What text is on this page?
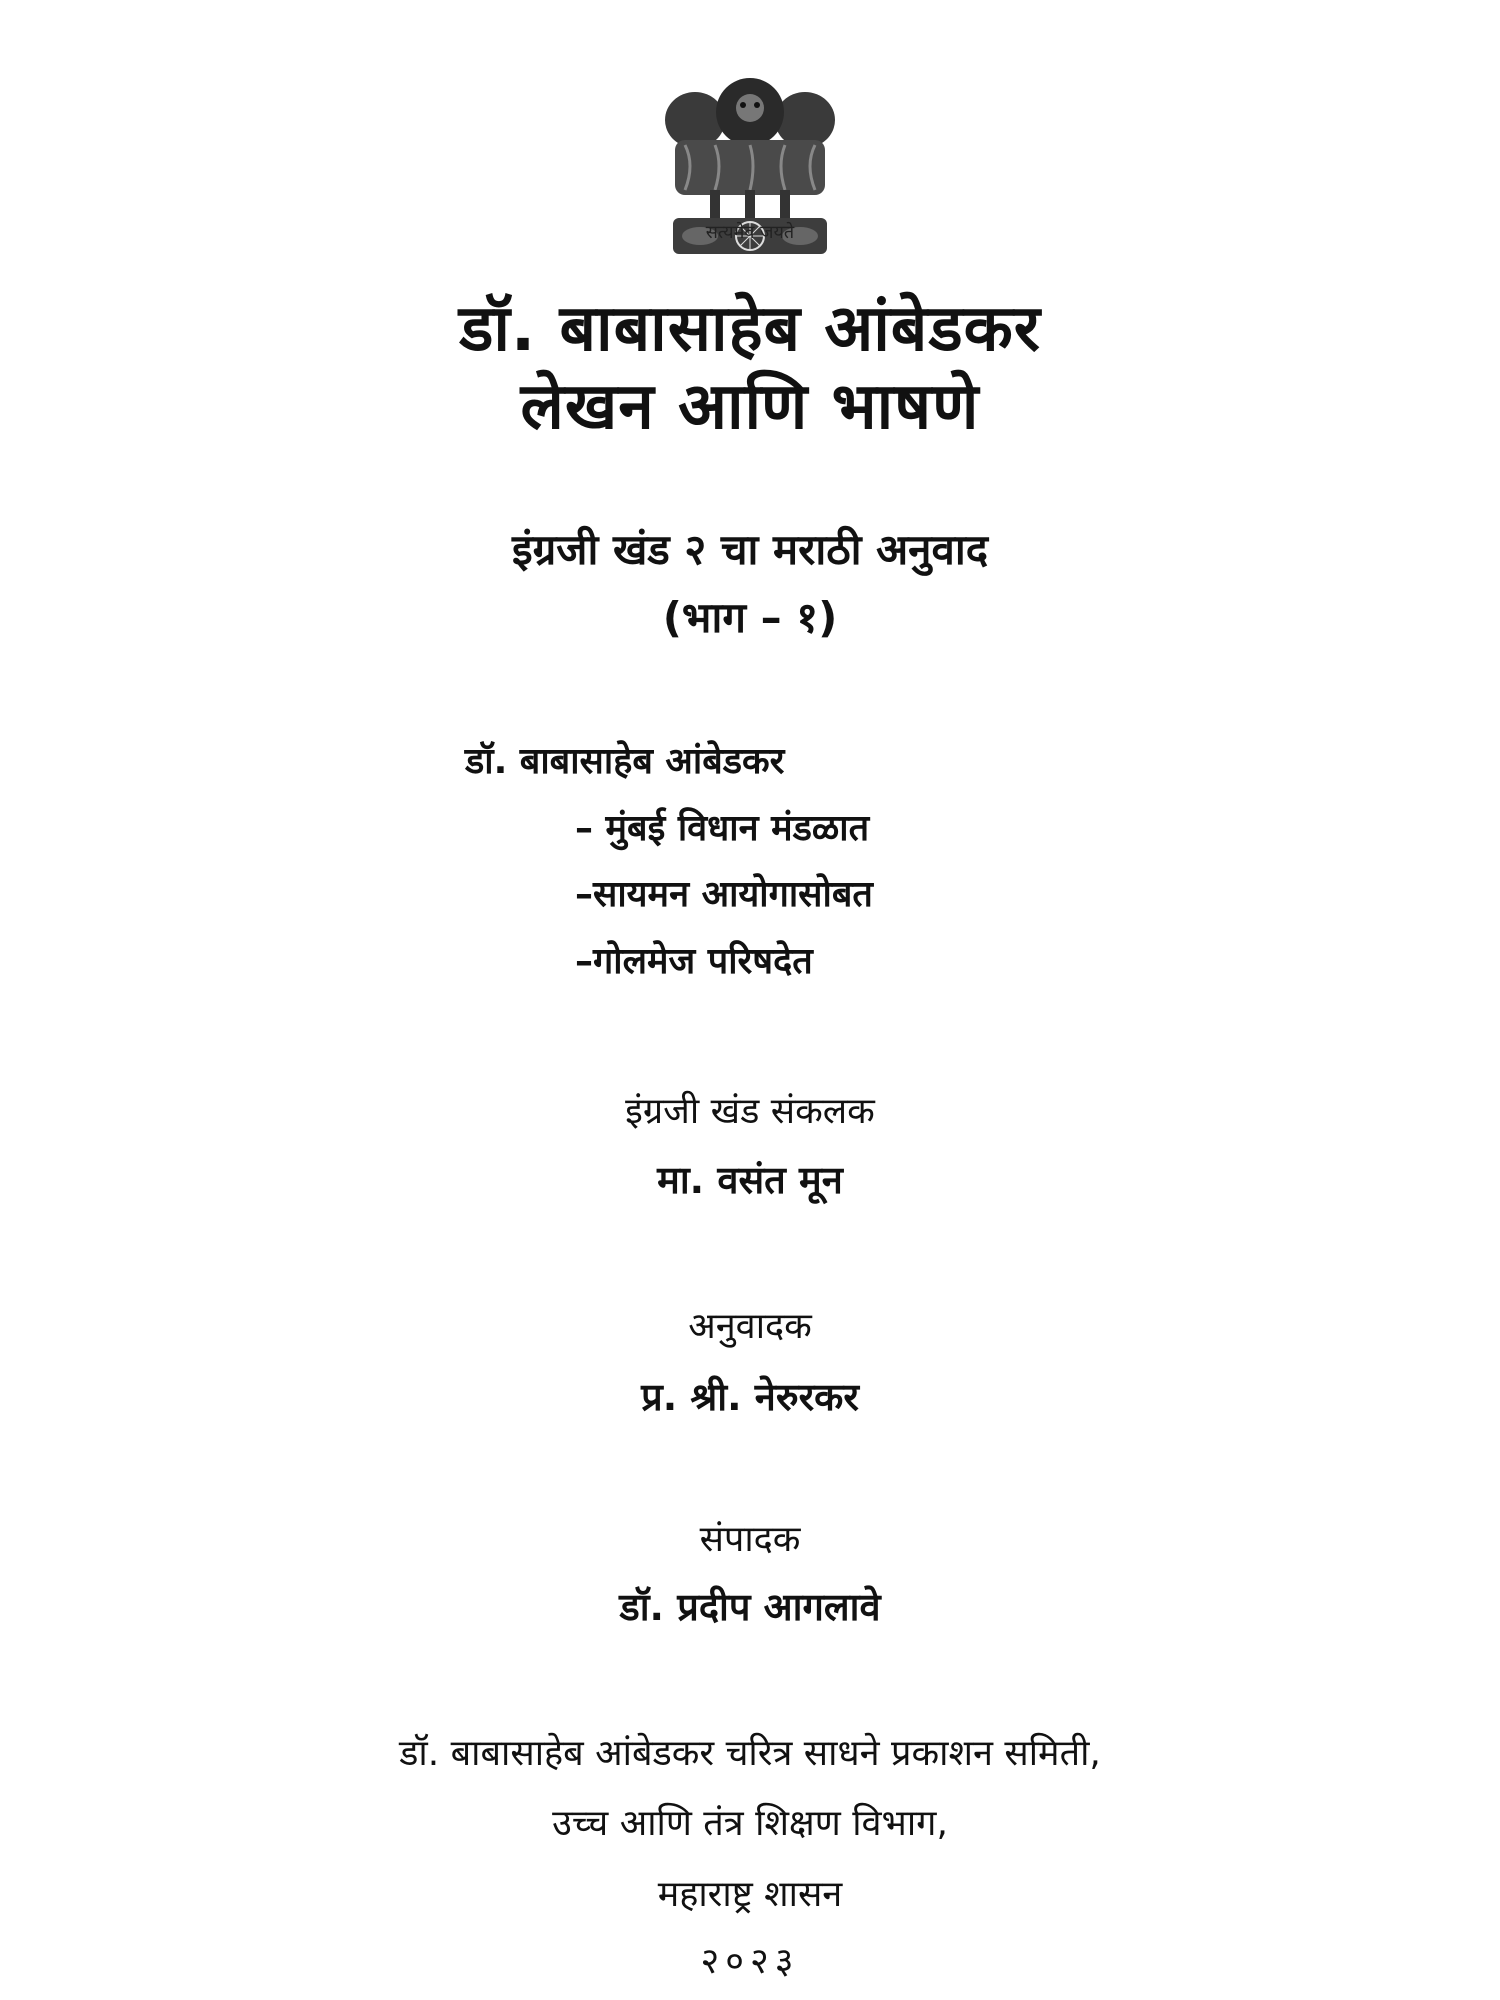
सत्यमेव जयते
डॉ. बाबासाहेब आंबेडकर
लेखन आणि भाषणे
इंग्रजी खंड २ चा मराठी अनुवाद
(भाग – १)
डॉ. बाबासाहेब आंबेडकर
– मुंबई विधान मंडळात
–सायमन आयोगासोबत
–गोलमेज परिषदेत
इंग्रजी खंड संकलक
मा. वसंत मून
अनुवादक
प्र. श्री. नेरुरकर
संपादक
डॉ. प्रदीप आगलावे
डॉ. बाबासाहेब आंबेडकर चरित्र साधने प्रकाशन समिती,
उच्च आणि तंत्र शिक्षण विभाग,
महाराष्ट्र शासन
२०२३
